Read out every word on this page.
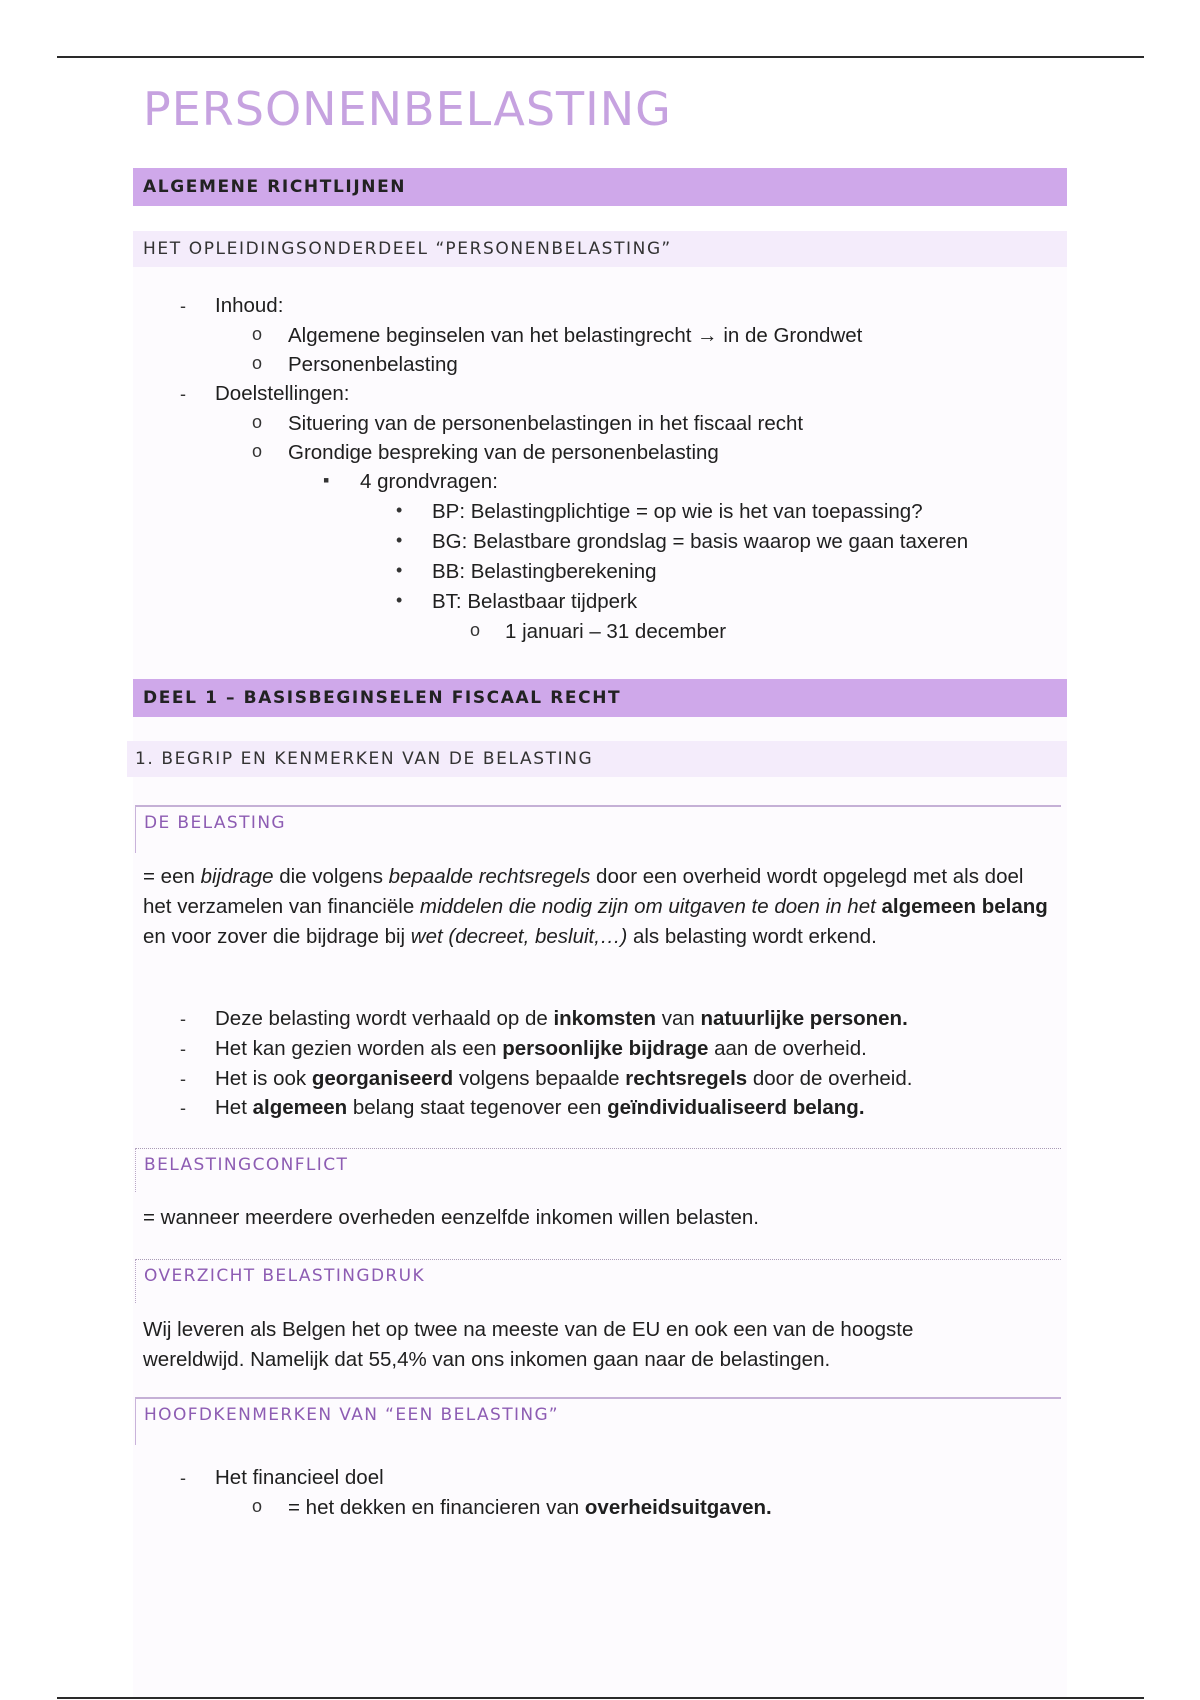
PERSONENBELASTING
ALGEMENE RICHTLIJNEN
HET OPLEIDINGSONDERDEEL “PERSONENBELASTING”
- Inhoud:
o Algemene beginselen van het belastingrecht → in de Grondwet
o Personenbelasting
- Doelstellingen:
o Situering van de personenbelastingen in het fiscaal recht
o Grondige bespreking van de personenbelasting
▪ 4 grondvragen:
• BP: Belastingplichtige = op wie is het van toepassing?
• BG: Belastbare grondslag = basis waarop we gaan taxeren
• BB: Belastingberekening
• BT: Belastbaar tijdperk
o 1 januari – 31 december
DEEL 1 – BASISBEGINSELEN FISCAAL RECHT
1. BEGRIP EN KENMERKEN VAN DE BELASTING
DE BELASTING
= een bijdrage die volgens bepaalde rechtsregels door een overheid wordt opgelegd met als doel het verzamelen van financiële middelen die nodig zijn om uitgaven te doen in het algemeen belang en voor zover die bijdrage bij wet (decreet, besluit,…) als belasting wordt erkend.
- Deze belasting wordt verhaald op de inkomsten van natuurlijke personen.
- Het kan gezien worden als een persoonlijke bijdrage aan de overheid.
- Het is ook georganiseerd volgens bepaalde rechtsregels door de overheid.
- Het algemeen belang staat tegenover een geïndividualiseerd belang.
BELASTINGCONFLICT
= wanneer meerdere overheden eenzelfde inkomen willen belasten.
OVERZICHT BELASTINGDRUK
Wij leveren als Belgen het op twee na meeste van de EU en ook een van de hoogste wereldwijd. Namelijk dat 55,4% van ons inkomen gaan naar de belastingen.
HOOFDKENMERKEN VAN “EEN BELASTING”
- Het financieel doel
o = het dekken en financieren van overheidsuitgaven.
